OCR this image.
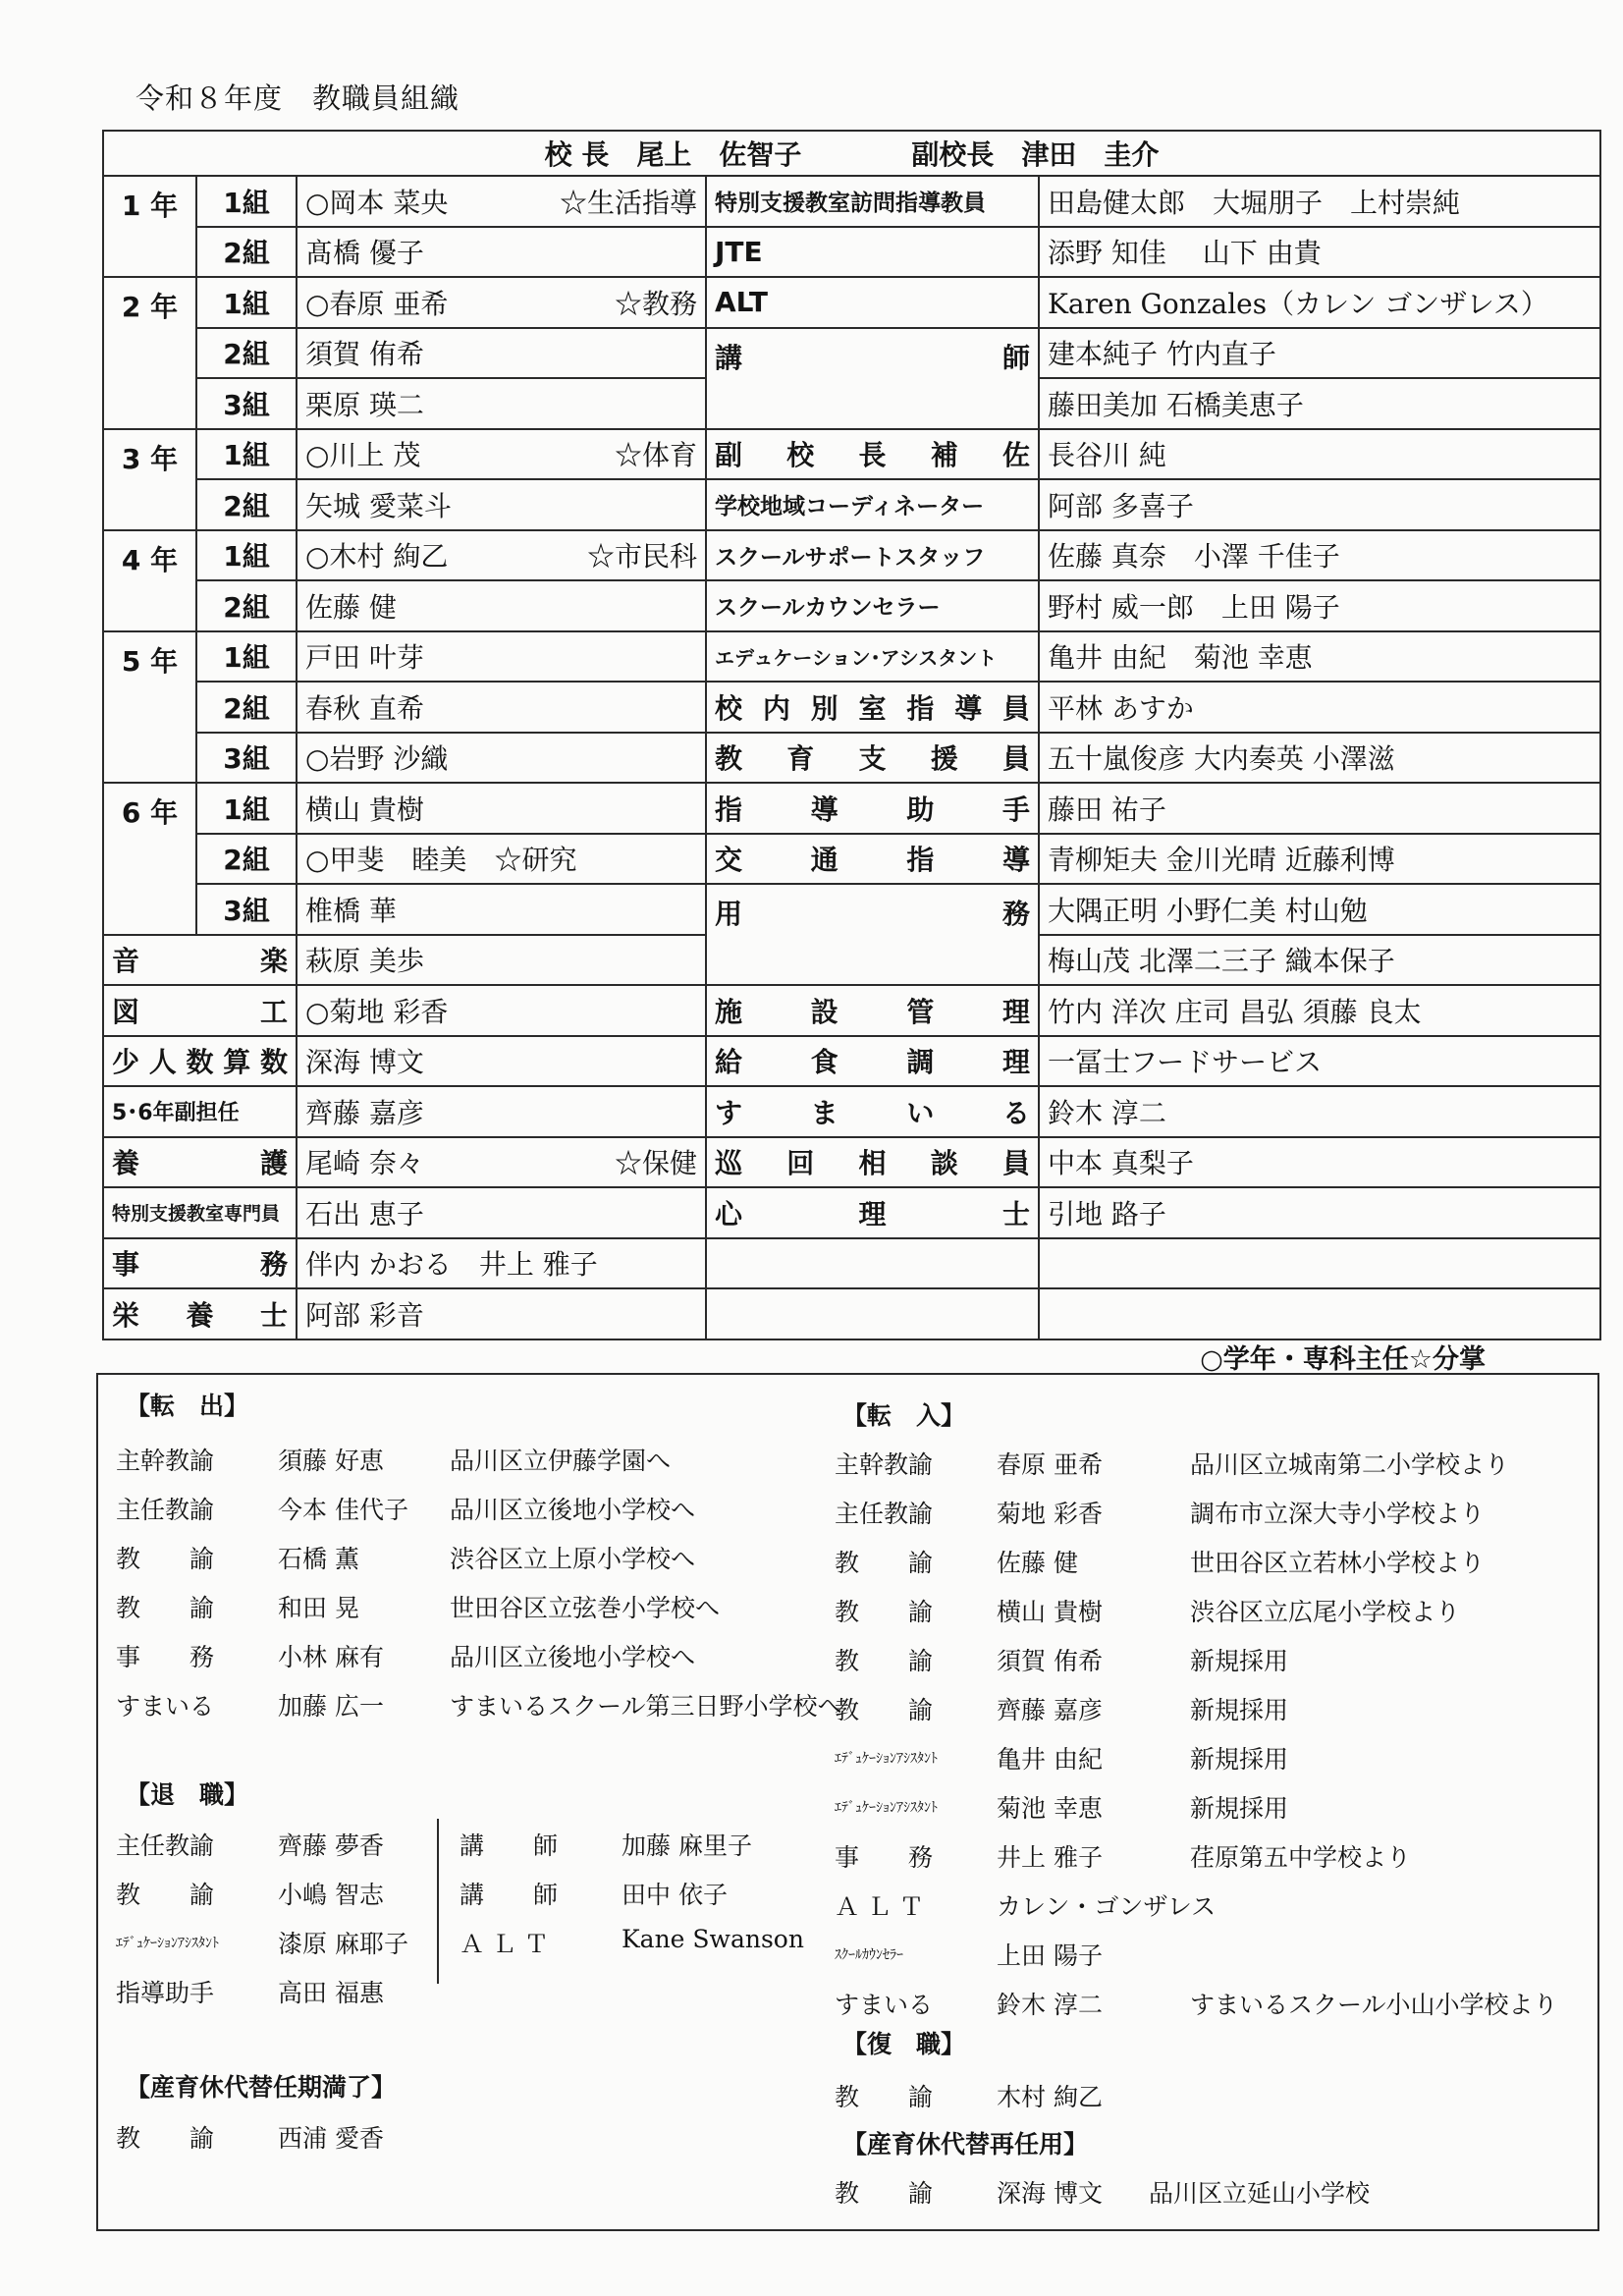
令和８年度　教職員組織
校 長　 尾上　佐智子　　　　 副校長　 津田　圭介				
1 年	1組	○岡本 菜央 ☆生活指導	特別支援教室訪問指導教員	田島健太郎　大堀朋子　上村崇純
	2組	髙橋 優子	JTE	添野 知佳　 山下 由貴
2 年	1組	○春原 亜希 ☆教務	ALT	Karen Gonzales（カレン ゴンザレス）
	2組	須賀 侑希	講師	建本純子 竹内直子
	3組	栗原 瑛二		藤田美加 石橋美恵子
3 年	1組	○川上 茂 ☆体育	副校長補佐	長谷川 純
	2組	矢城 愛菜斗	学校地域コーディネーター	阿部 多喜子
4 年	1組	○木村 絢乙 ☆市民科	スクールサポートスタッフ	佐藤 真奈　小澤 千佳子
	2組	佐藤 健	スクールカウンセラー	野村 威一郎　上田 陽子
5 年	1組	戸田 叶芽	エデュケーション･アシスタント	亀井 由紀　菊池 幸恵
	2組	春秋 直希	校内別室指導員	平林 あすか
	3組	○岩野 沙織	教育支援員	五十嵐俊彦 大内奏英 小澤滋
6 年	1組	横山 貴樹	指導助手	藤田 祐子
	2組	○甲斐　睦美　 ☆研究	交通指導	青柳矩夫 金川光晴 近藤利博
	3組	椎橋 華	用務	大隅正明 小野仁美 村山勉
音　楽		萩原 美歩		梅山茂 北澤二三子 織本保子
図　工		○菊地 彩香	施設管理	竹内 洋次 庄司 昌弘 須藤 良太
少人数算数		深海 博文	給食調理	一冨士フードサービス
5･6年副担任		齊藤 嘉彦	すまいる	鈴木 淳二
養　護		尾崎 奈々 ☆保健	巡回相談員	中本 真梨子
特別支援教室専門員		石出 恵子	心理士	引地 路子
事　務		伴内 かおる　井上 雅子		
栄養士		阿部 彩音		
○学年・専科主任☆分掌
【転　出】
主幹教諭	須藤 好恵	品川区立伊藤学園へ
主任教諭	今本 佳代子 品川区立後地小学校へ
教　　諭	石橋 薫	渋谷区立上原小学校へ
教　　諭	和田 晃	世田谷区立弦巻小学校へ
事　　務	小林 麻有	品川区立後地小学校へ
すまいる	加藤 広一	すまいるスクール第三日野小学校へ
【退　職】
主任教諭	齊藤 夢香
教　　諭	小嶋 智志
ｴﾃﾞｭｹｰｼｮﾝｱｼｽﾀﾝﾄ 漆原 麻耶子
指導助手	高田 福惠
講　　師	加藤 麻里子
講　　師	田中 依子
Ａ Ｌ Ｔ	Kane Swanson
【産育休代替任期満了】
教　　諭	西浦 愛香
【転　入】
主幹教諭	春原 亜希	品川区立城南第二小学校より
主任教諭	菊地 彩香	調布市立深大寺小学校より
教　　諭	佐藤 健	世田谷区立若林小学校より
教　　諭	横山 貴樹	渋谷区立広尾小学校より
教　　諭	須賀 侑希	新規採用
教　　諭	齊藤 嘉彦	新規採用
ｴﾃﾞｭｹｰｼｮﾝｱｼｽﾀﾝﾄ 亀井 由紀	新規採用
ｴﾃﾞｭｹｰｼｮﾝｱｼｽﾀﾝﾄ 菊池 幸恵	新規採用
事　　務	井上 雅子	荏原第五中学校より
Ａ Ｌ Ｔ	カレン・ゴンザレス
ｽｸｰﾙｶｳﾝｾﾗｰ	上田 陽子
すまいる	鈴木 淳二	すまいるスクール小山小学校より
【復　職】
教　　諭	木村 絢乙
【産育休代替再任用】
教　　諭	深海 博文 品川区立延山小学校
